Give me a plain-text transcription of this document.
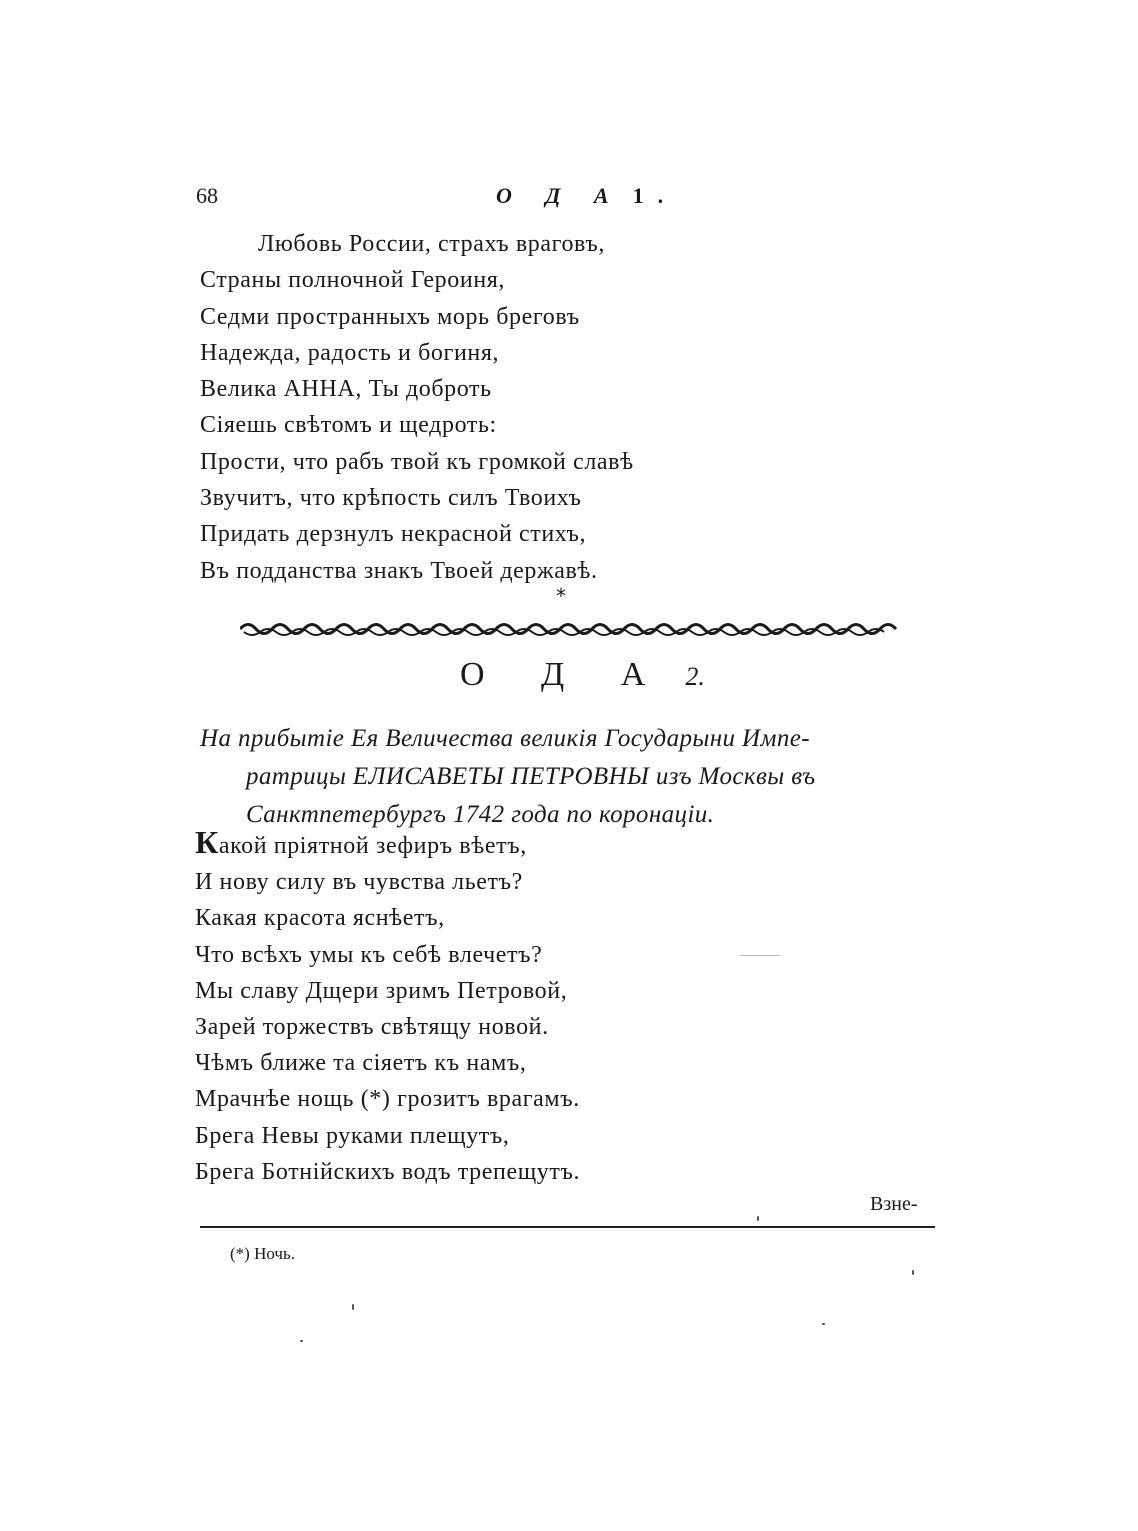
68	О Д А 1.
Любовь России, страхъ враговъ,
Страны полночной Героиня,
Седми пространныхъ морь бреговъ
Надежда, радость и богиня,
Велика АННА, Ты доброть
Сіяешь свѣтомъ и щедроть:
Прости, что рабъ твой къ громкой славѣ
Звучитъ, что крѣпость силъ Твоихъ
Придать дерзнулъ некрасной стихъ,
Въ подданства знакъ Твоей державѣ.
*
О Д А 2.
На прибытіе Ея Величества великія Государыни Импе-
ратрицы ЕЛИСАВЕТЫ ПЕТРОВНЫ изъ Москвы въ
Санктпетербургъ 1742 года по коронаціи.
Какой пріятной зефиръ вѣетъ,
И нову силу въ чувства льетъ?
Какая красота яснѣетъ,
Что всѣхъ умы къ себѣ влечетъ?
Мы славу Дщери зримъ Петровой,
Зарей торжествъ свѣтящу новой.
Чѣмъ ближе та сіяетъ къ намъ,
Мрачнѣе нощь (*) грозитъ врагамъ.
Брега Невы руками плещутъ,
Брега Ботнійскихъ водъ трепещутъ.
Взне-
(*) Ночь.
